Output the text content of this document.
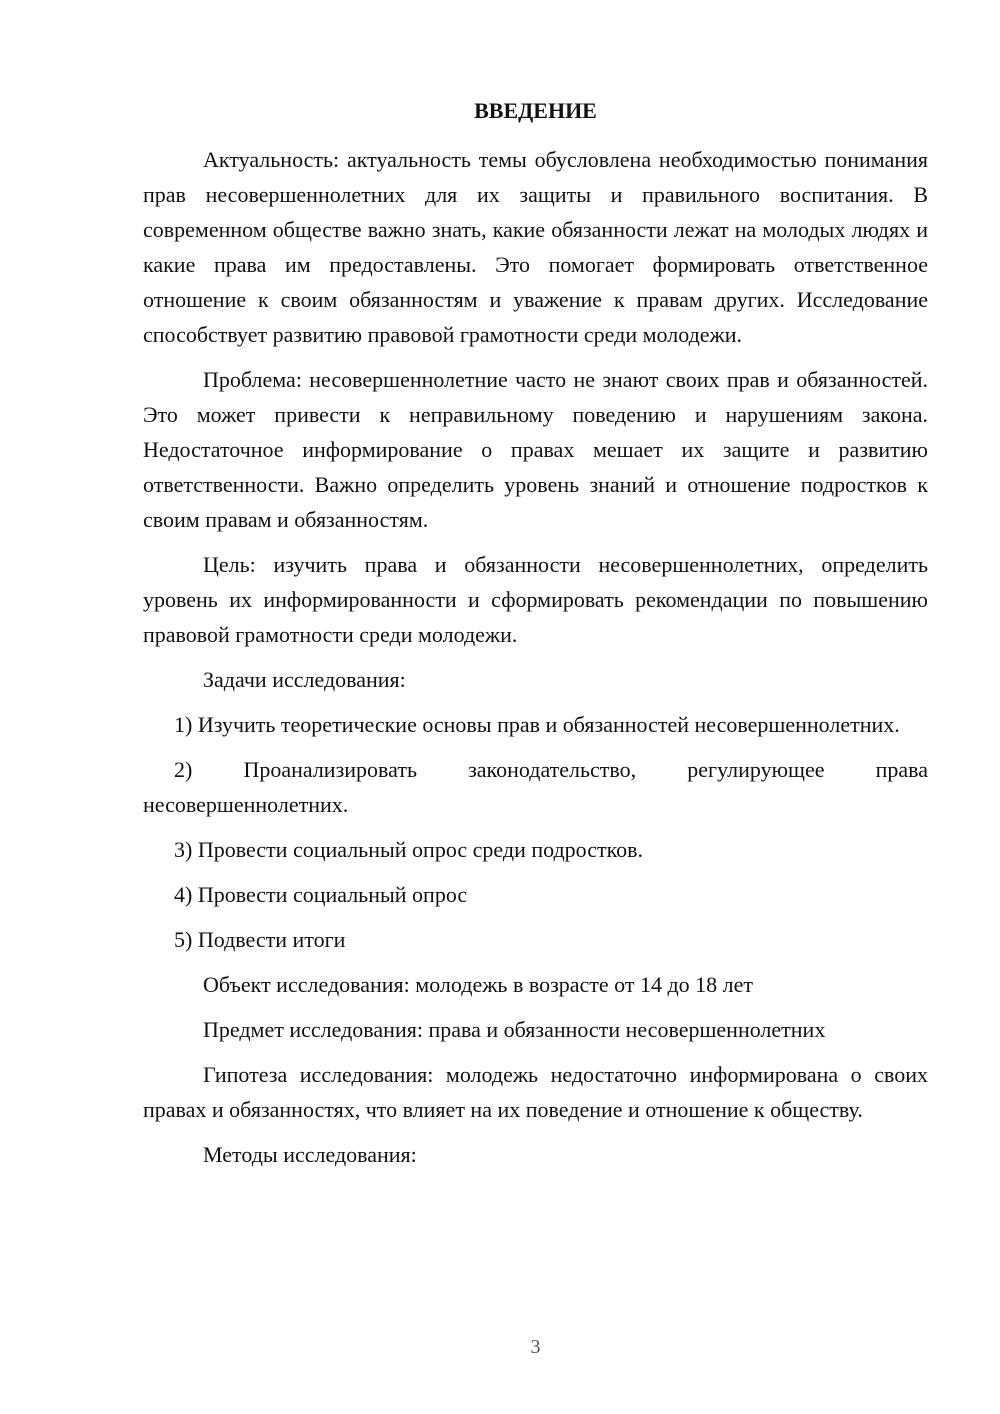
ВВЕДЕНИЕ

Актуальность: актуальность темы обусловлена необходимостью понимания прав несовершеннолетних для их защиты и правильного воспитания. В современном обществе важно знать, какие обязанности лежат на молодых людях и какие права им предоставлены. Это помогает формировать ответственное отношение к своим обязанностям и уважение к правам других. Исследование способствует развитию правовой грамотности среди молодежи.

Проблема: несовершеннолетние часто не знают своих прав и обязанностей. Это может привести к неправильному поведению и нарушениям закона. Недостаточное информирование о правах мешает их защите и развитию ответственности. Важно определить уровень знаний и отношение подростков к своим правам и обязанностям.

Цель: изучить права и обязанности несовершеннолетних, определить уровень их информированности и сформировать рекомендации по повышению правовой грамотности среди молодежи.

Задачи исследования:

1) Изучить теоретические основы прав и обязанностей несовершеннолетних.

2) Проанализировать законодательство, регулирующее права несовершеннолетних.

3) Провести социальный опрос среди подростков.

4) Провести социальный опрос

5) Подвести итоги

Объект исследования: молодежь в возрасте от 14 до 18 лет

Предмет исследования: права и обязанности несовершеннолетних

Гипотеза исследования: молодежь недостаточно информирована о своих правах и обязанностях, что влияет на их поведение и отношение к обществу.

Методы исследования:

3
